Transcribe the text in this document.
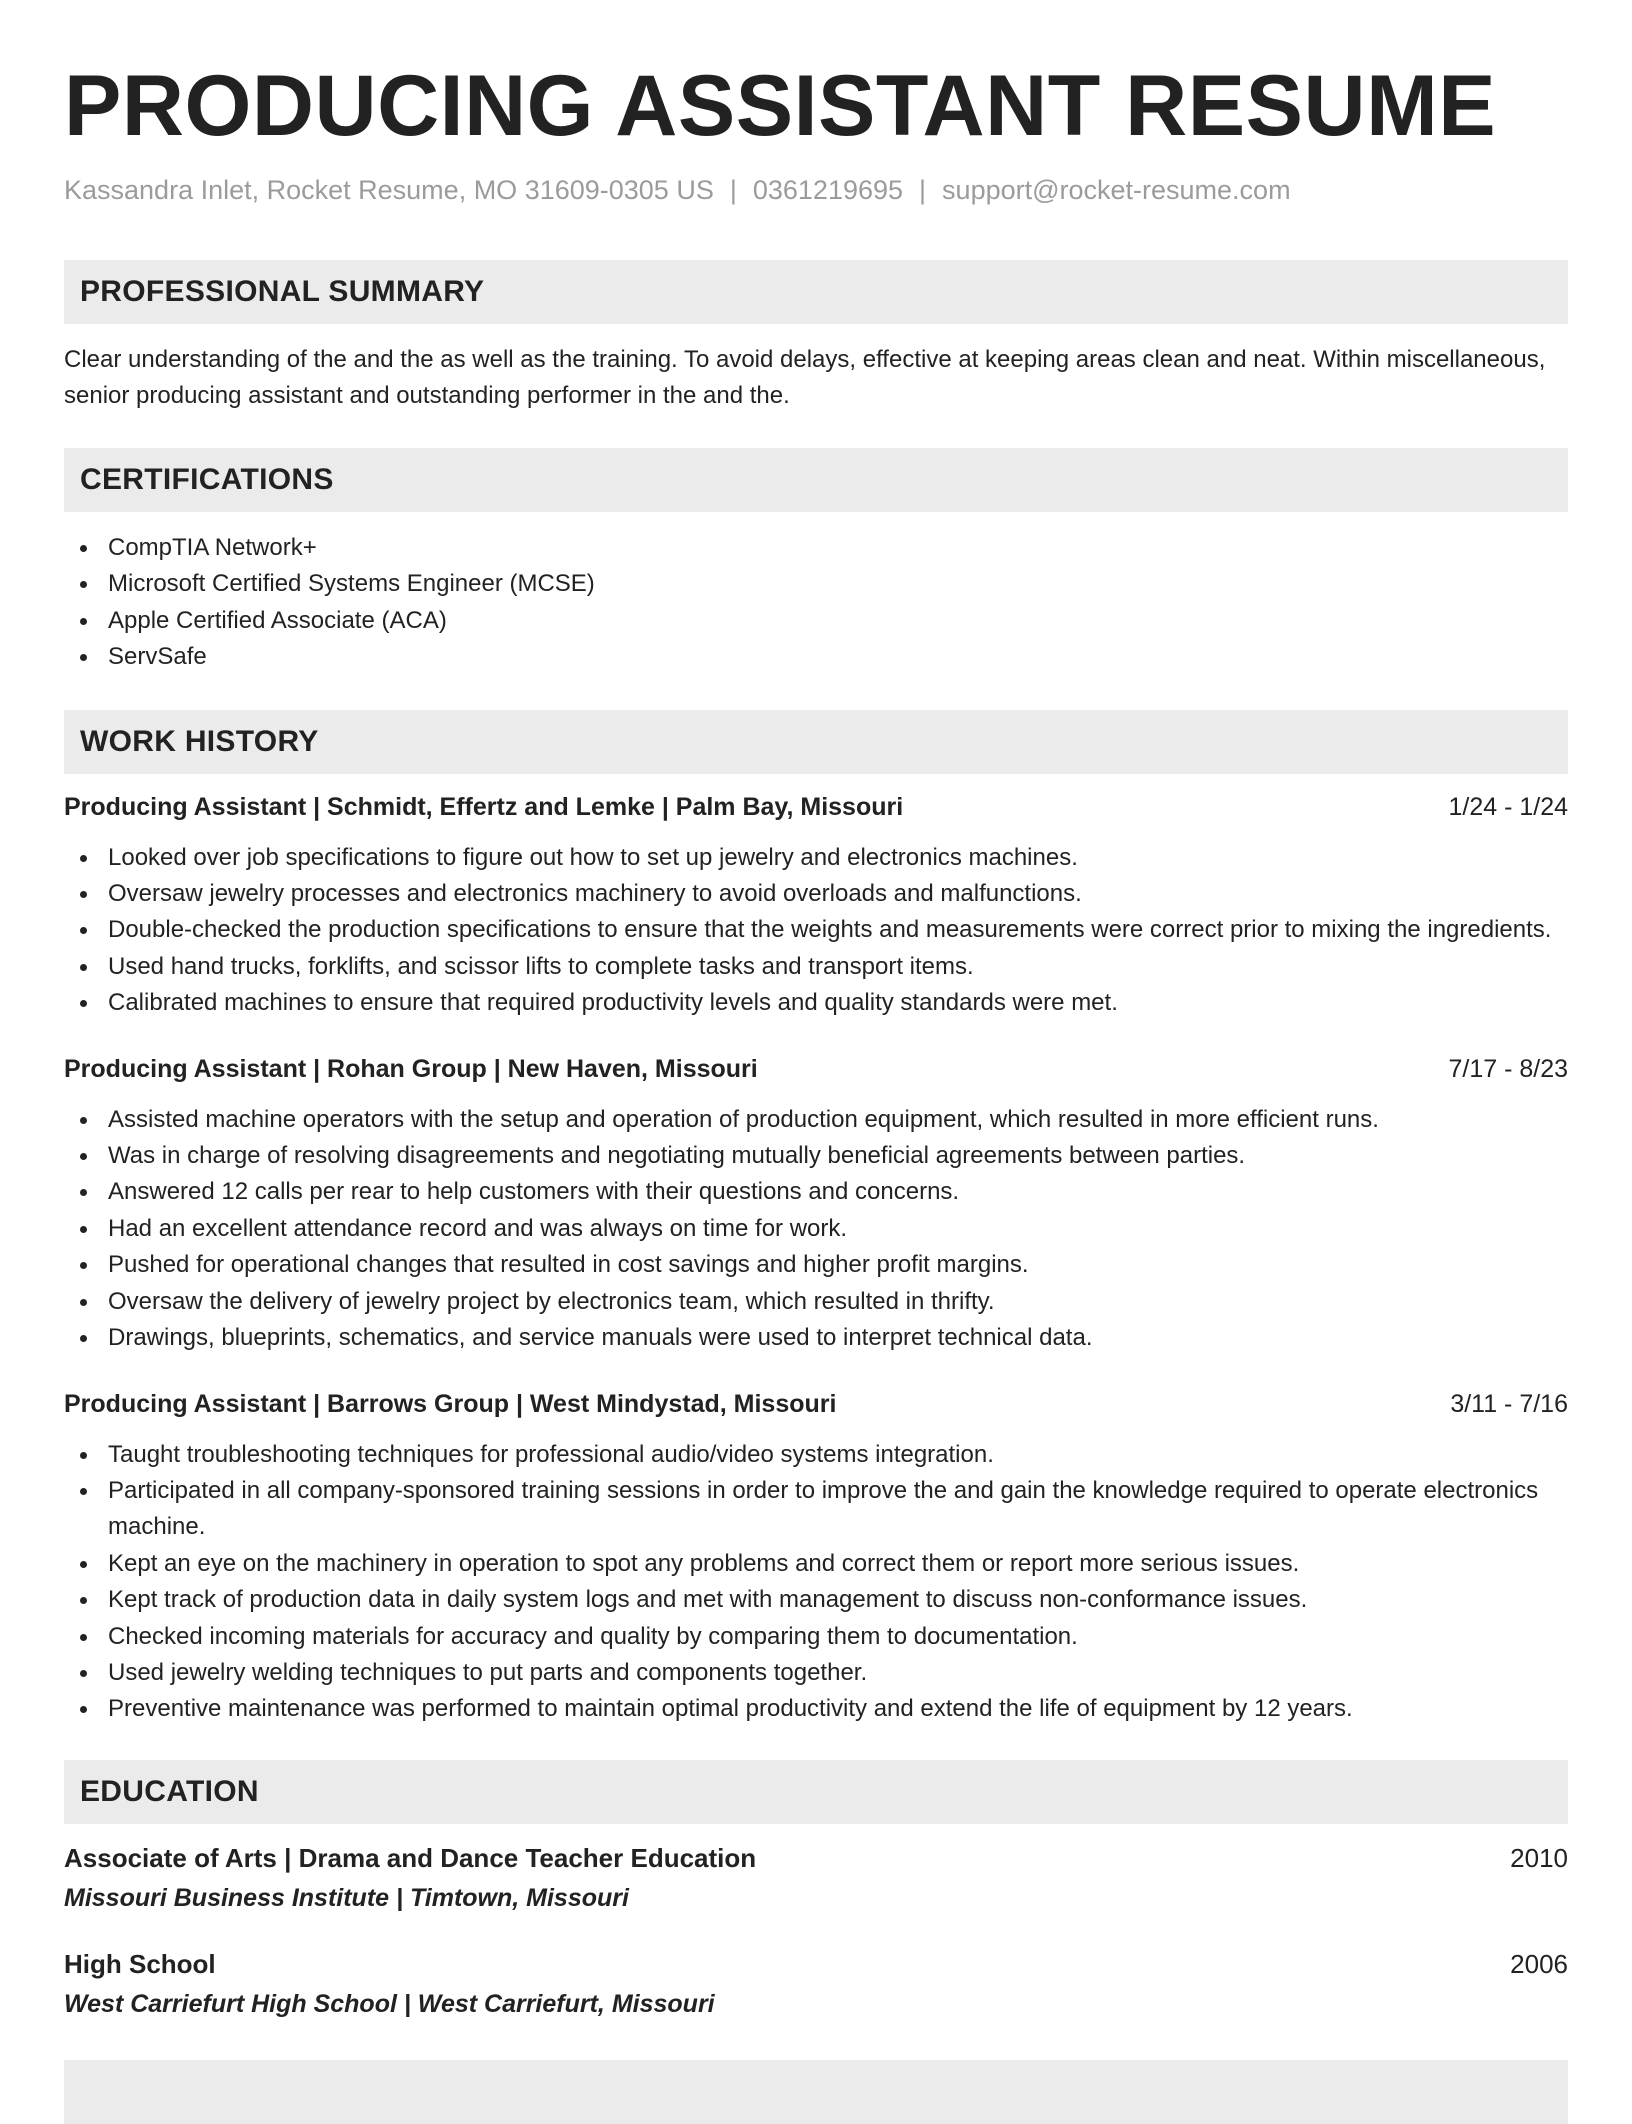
PRODUCING ASSISTANT RESUME
Kassandra Inlet, Rocket Resume, MO 31609-0305 US | 0361219695 | support@rocket-resume.com
PROFESSIONAL SUMMARY
Clear understanding of the and the as well as the training. To avoid delays, effective at keeping areas clean and neat. Within miscellaneous, senior producing assistant and outstanding performer in the and the.
CERTIFICATIONS
CompTIA Network+
Microsoft Certified Systems Engineer (MCSE)
Apple Certified Associate (ACA)
ServSafe
WORK HISTORY
Producing Assistant | Schmidt, Effertz and Lemke | Palm Bay, Missouri	1/24 - 1/24
Looked over job specifications to figure out how to set up jewelry and electronics machines.
Oversaw jewelry processes and electronics machinery to avoid overloads and malfunctions.
Double-checked the production specifications to ensure that the weights and measurements were correct prior to mixing the ingredients.
Used hand trucks, forklifts, and scissor lifts to complete tasks and transport items.
Calibrated machines to ensure that required productivity levels and quality standards were met.
Producing Assistant | Rohan Group | New Haven, Missouri	7/17 - 8/23
Assisted machine operators with the setup and operation of production equipment, which resulted in more efficient runs.
Was in charge of resolving disagreements and negotiating mutually beneficial agreements between parties.
Answered 12 calls per rear to help customers with their questions and concerns.
Had an excellent attendance record and was always on time for work.
Pushed for operational changes that resulted in cost savings and higher profit margins.
Oversaw the delivery of jewelry project by electronics team, which resulted in thrifty.
Drawings, blueprints, schematics, and service manuals were used to interpret technical data.
Producing Assistant | Barrows Group | West Mindystad, Missouri	3/11 - 7/16
Taught troubleshooting techniques for professional audio/video systems integration.
Participated in all company-sponsored training sessions in order to improve the and gain the knowledge required to operate electronics machine.
Kept an eye on the machinery in operation to spot any problems and correct them or report more serious issues.
Kept track of production data in daily system logs and met with management to discuss non-conformance issues.
Checked incoming materials for accuracy and quality by comparing them to documentation.
Used jewelry welding techniques to put parts and components together.
Preventive maintenance was performed to maintain optimal productivity and extend the life of equipment by 12 years.
EDUCATION
Associate of Arts | Drama and Dance Teacher Education	2010
Missouri Business Institute | Timtown, Missouri
High School	2006
West Carriefurt High School | West Carriefurt, Missouri
